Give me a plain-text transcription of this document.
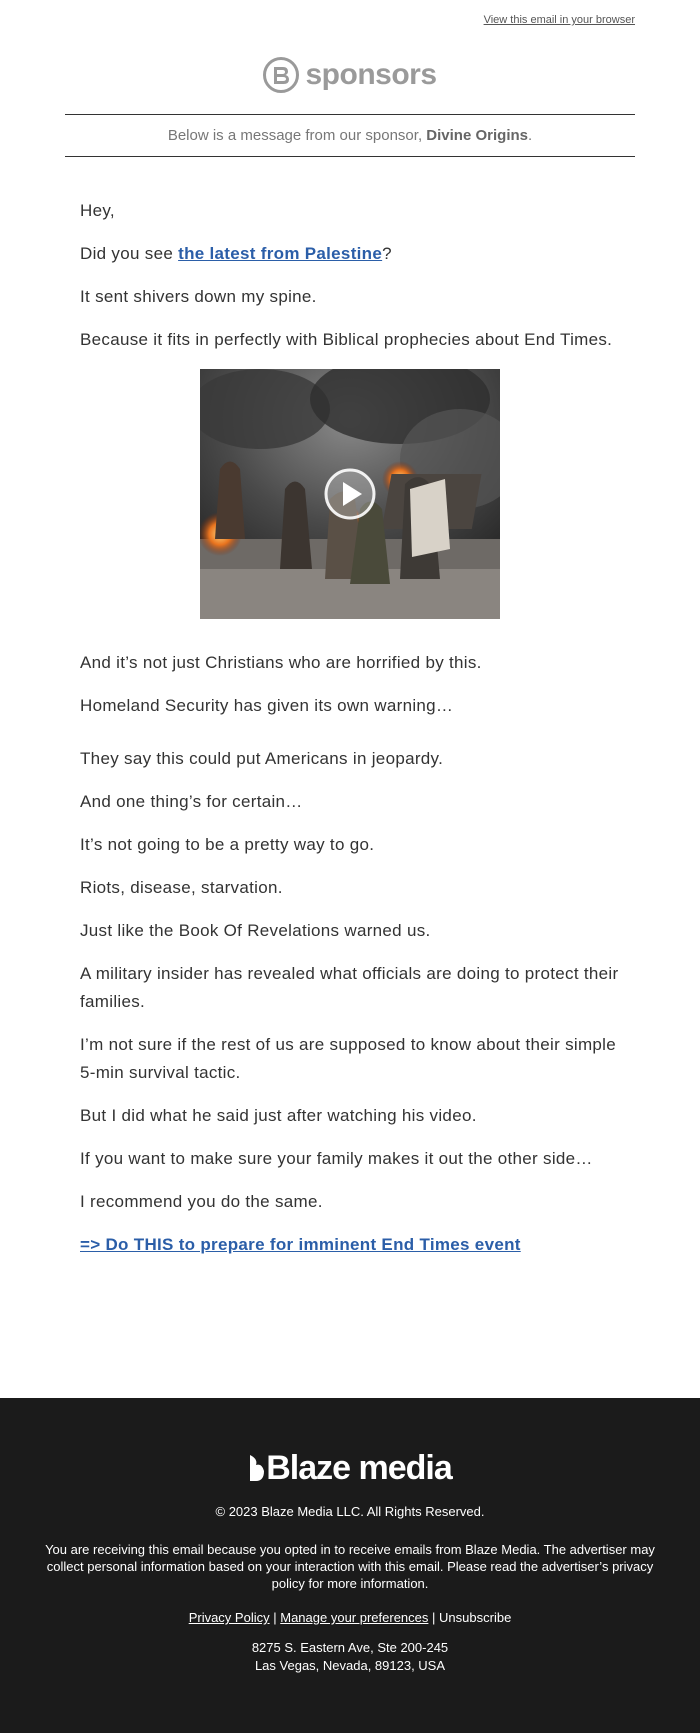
View this email in your browser
sponsors
Below is a message from our sponsor,
Divine Origins .

Hey,

Did you see the latest from Palestine?

It sent shivers down my spine.

Because it fits in perfectly with Biblical prophecies about End Times.

And it’s not just Christians who are horrified by this.

Homeland Security has given its own warning…

They say this could put Americans in jeopardy.

And one thing’s for certain…

It’s not going to be a pretty way to go.

Riots, disease, starvation.

Just like the Book Of Revelations warned us.

A military insider has revealed what officials are doing to protect their families.

I’m not sure if the rest of us are supposed to know about their simple 5-min survival tactic.

But I did what he said just after watching his video.

If you want to make sure your family makes it out the other side…

I recommend you do the same.

=> Do THIS to prepare for imminent End Times event

Blaze media
© 2023 Blaze Media LLC. All Rights Reserved.
You are receiving this email because you opted in to receive emails from Blaze Media. The advertiser may collect personal information based on your interaction with this email. Please read the advertiser’s privacy policy for more information.
Privacy Policy | Manage your preferences | Unsubscribe
8275 S. Eastern Ave, Ste 200-245
Las Vegas, Nevada, 89123, USA
